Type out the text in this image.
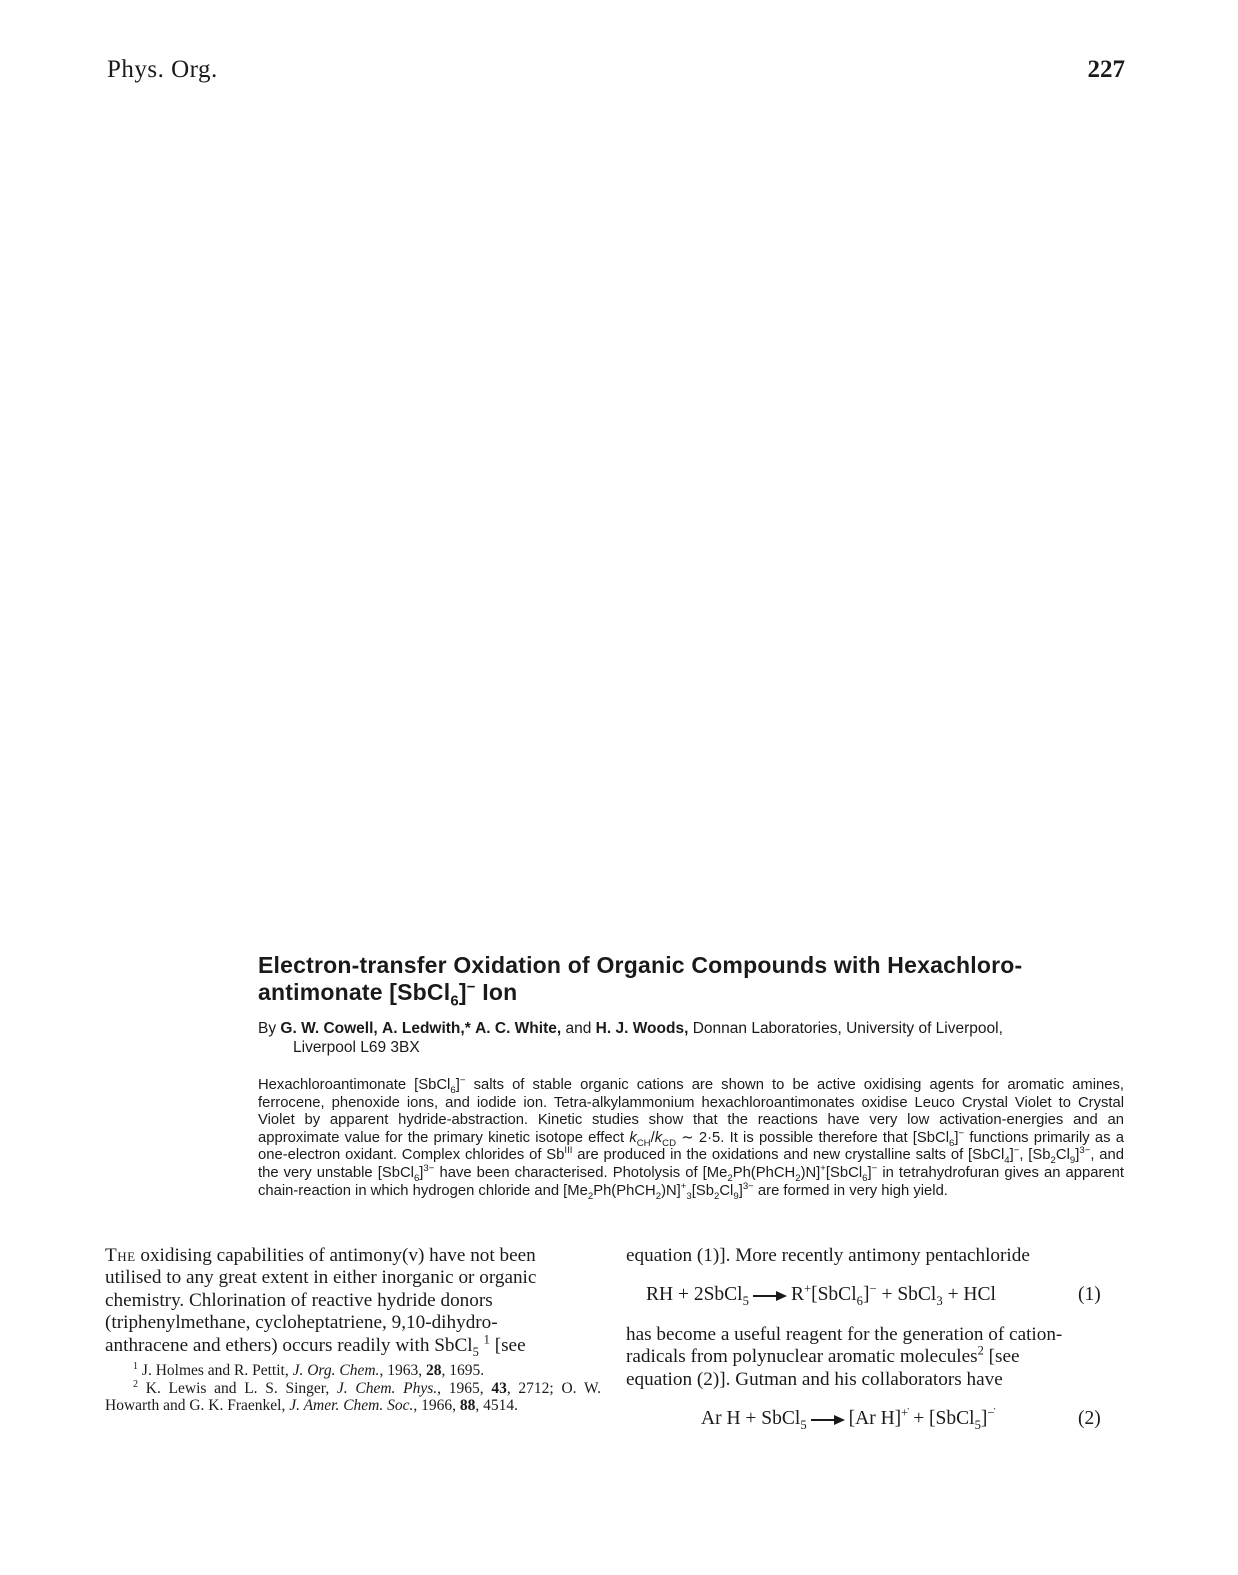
Phys. Org.	227
Electron-transfer Oxidation of Organic Compounds with Hexachloro-
antimonate [SbCl$_6$]− Ion
By G. W. Cowell, A. Ledwith,* A. C. White, and H. J. Woods, Donnan Laboratories, University of Liverpool,
Liverpool L69 3BX
Hexachloroantimonate [SbCl$_6$]− salts of stable organic cations are shown to be active oxidising agents for aromatic amines, ferrocene, phenoxide ions, and iodide ion. Tetra-alkylammonium hexachloroantimonates oxidise Leuco Crystal Violet to Crystal Violet by apparent hydride-abstraction. Kinetic studies show that the reactions have very low activation-energies and an approximate value for the primary kinetic isotope effect $k_{CH}/k_{CD}$ ∼ 2·5. It is possible therefore that [SbCl$_6$]− functions primarily as a one-electron oxidant. Complex chlorides of $Sb^{III}$ are produced in the oxidations and new crystalline salts of [SbCl$_4$]−, $[Sb_2Cl_9]^{3-}$, and the very unstable [SbCl$_6$]$^{3-}$ have been characterised. Photolysis of $[Me_2Ph(PhCH_2)N]^+[SbCl_6]^-$ in tetrahydrofuran gives an apparent chain-reaction in which hydrogen chloride and $[Me_2Ph(PhCH_2)N]^+_3[Sb_2Cl_9]^{3-}$ are formed in very high yield.
The oxidising capabilities of antimony(v) have not been
utilised to any great extent in either inorganic or organic
chemistry. Chlorination of reactive hydride donors
(triphenylmethane, cycloheptatriene, 9,10-dihydro-
anthracene and ethers) occurs readily with SbCl$_5$ $^1$ [see
$^1$ J. Holmes and R. Pettit, J. Org. Chem., 1963, 28, 1695.
$^2$ K. Lewis and L. S. Singer, J. Chem. Phys., 1965, 43, 2712; O. W. Howarth and G. K. Fraenkel, J. Amer. Chem. Soc., 1966, 88, 4514.
equation (1)]. More recently antimony pentachloride
RH + 2SbCl$_5$ R+[SbCl$_6$]− + SbCl$_3$ + HCl	(1)
has become a useful reagent for the generation of cation-
radicals from polynuclear aromatic molecules$^2$ [see
equation (2)]. Gutman and his collaborators have
Ar H + SbCl$_5$ [Ar H]+̇ + [SbCl$_5$]−̇	(2)
